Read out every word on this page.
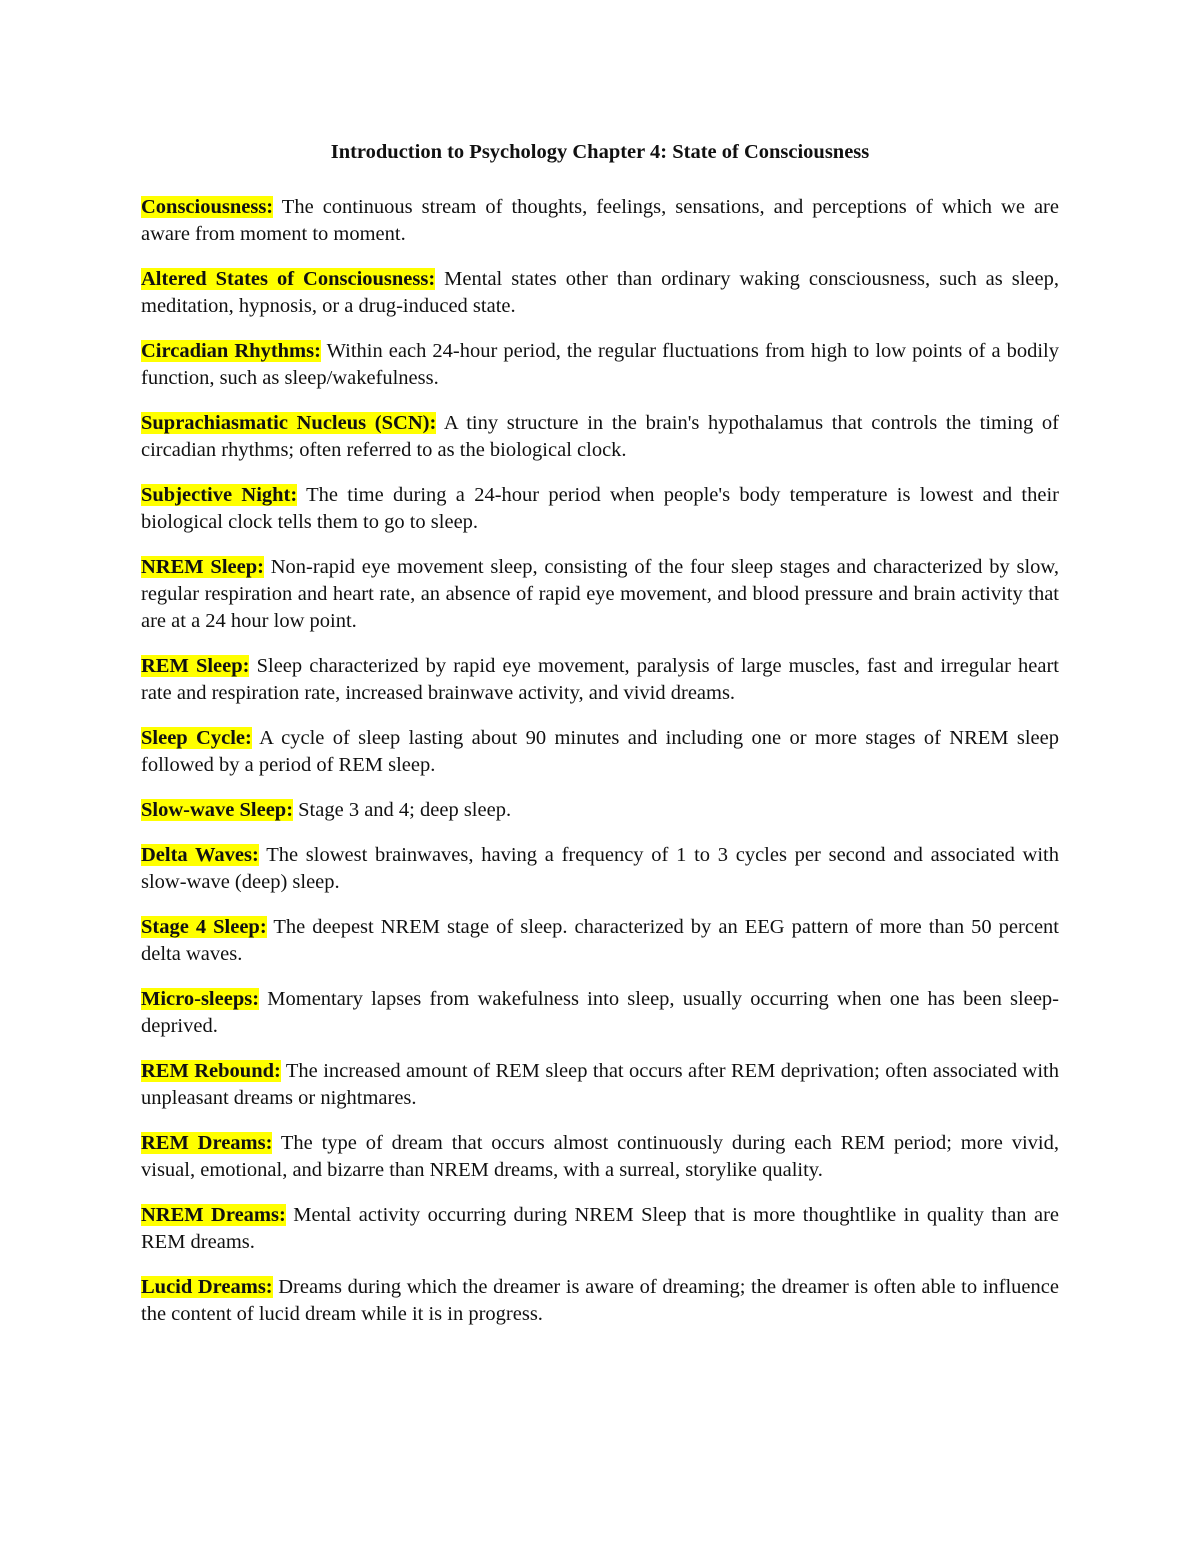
Introduction to Psychology Chapter 4: State of Consciousness

Consciousness: The continuous stream of thoughts, feelings, sensations, and perceptions of which we are aware from moment to moment.

Altered States of Consciousness: Mental states other than ordinary waking consciousness, such as sleep, meditation, hypnosis, or a drug-induced state.

Circadian Rhythms: Within each 24-hour period, the regular fluctuations from high to low points of a bodily function, such as sleep/wakefulness.

Suprachiasmatic Nucleus (SCN): A tiny structure in the brain's hypothalamus that controls the timing of circadian rhythms; often referred to as the biological clock.

Subjective Night: The time during a 24-hour period when people's body temperature is lowest and their biological clock tells them to go to sleep.

NREM Sleep: Non-rapid eye movement sleep, consisting of the four sleep stages and characterized by slow, regular respiration and heart rate, an absence of rapid eye movement, and blood pressure and brain activity that are at a 24 hour low point.

REM Sleep: Sleep characterized by rapid eye movement, paralysis of large muscles, fast and irregular heart rate and respiration rate, increased brainwave activity, and vivid dreams.

Sleep Cycle: A cycle of sleep lasting about 90 minutes and including one or more stages of NREM sleep followed by a period of REM sleep.

Slow-wave Sleep: Stage 3 and 4; deep sleep.

Delta Waves: The slowest brainwaves, having a frequency of 1 to 3 cycles per second and associated with slow-wave (deep) sleep.

Stage 4 Sleep: The deepest NREM stage of sleep. characterized by an EEG pattern of more than 50 percent delta waves.

Micro-sleeps: Momentary lapses from wakefulness into sleep, usually occurring when one has been sleep-deprived.

REM Rebound: The increased amount of REM sleep that occurs after REM deprivation; often associated with unpleasant dreams or nightmares.

REM Dreams: The type of dream that occurs almost continuously during each REM period; more vivid, visual, emotional, and bizarre than NREM dreams, with a surreal, storylike quality.

NREM Dreams: Mental activity occurring during NREM Sleep that is more thoughtlike in quality than are REM dreams.

Lucid Dreams: Dreams during which the dreamer is aware of dreaming; the dreamer is often able to influence the content of lucid dream while it is in progress.
